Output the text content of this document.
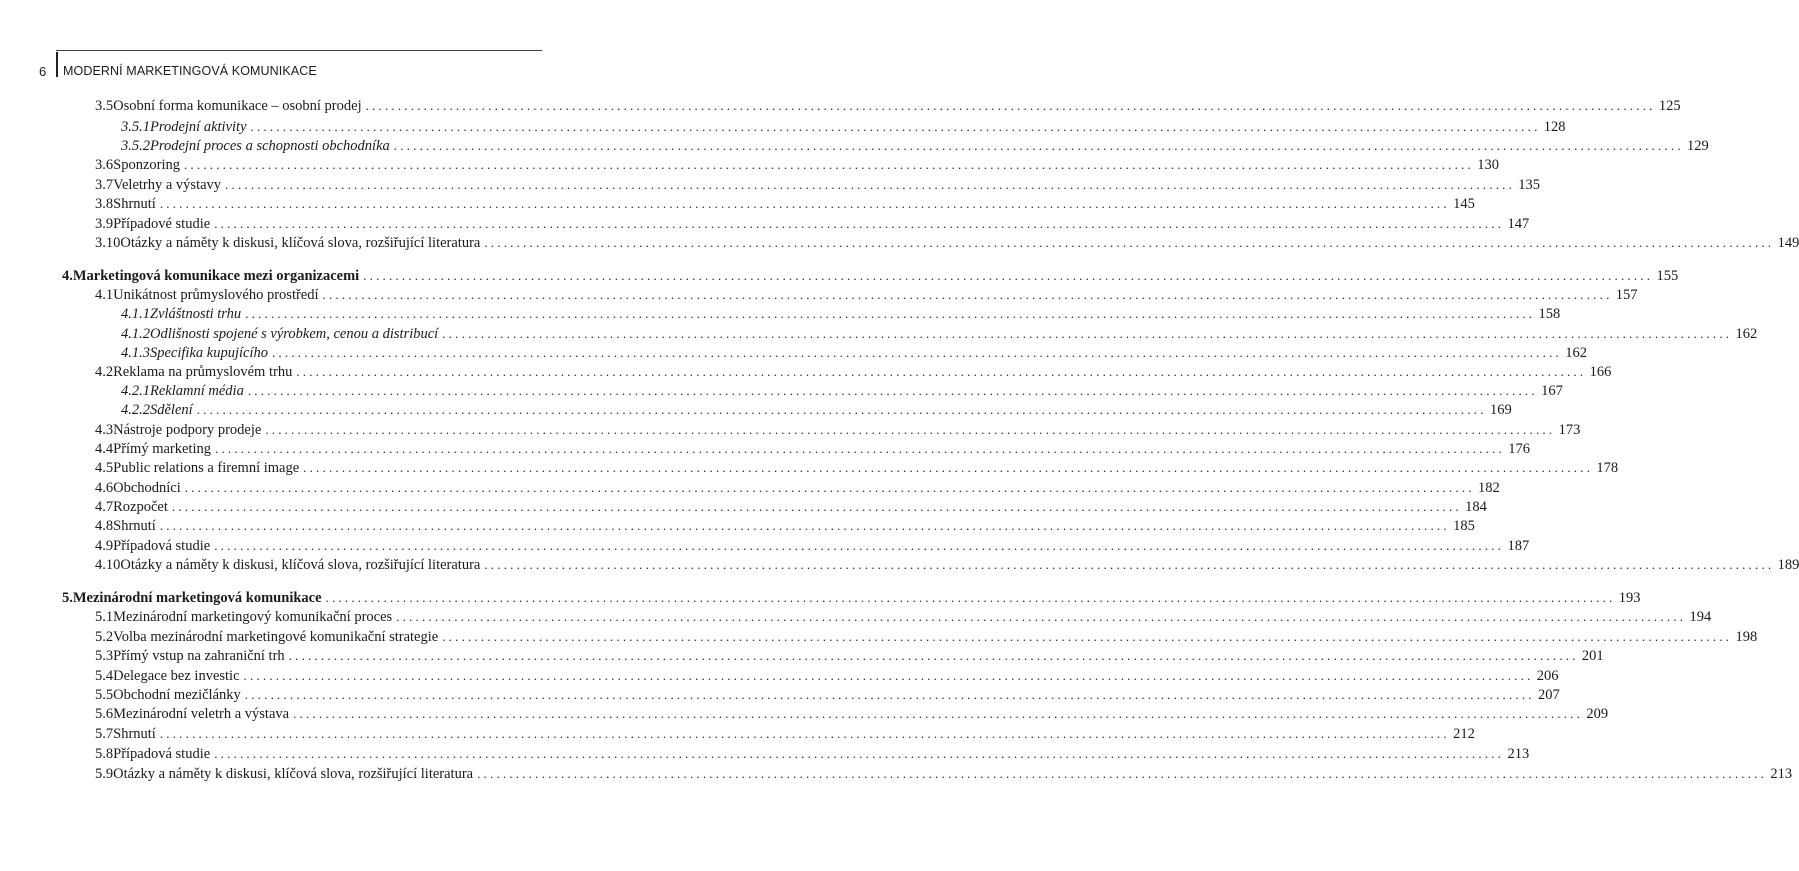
6 MODERNÍ MARKETINGOVÁ KOMUNIKACE
3.5 Osobní forma komunikace – osobní prodej ........................................................................................................................................................................................................ 125
3.5.1 Prodejní aktivity ........................................................................................................................................................................................................ 128
3.5.2 Prodejní proces a schopnosti obchodníka ........................................................................................................................................................................................................ 129
3.6 Sponzoring ........................................................................................................................................................................................................ 130
3.7 Veletrhy a výstavy ........................................................................................................................................................................................................ 135
3.8 Shrnutí ........................................................................................................................................................................................................ 145
3.9 Případové studie ........................................................................................................................................................................................................ 147
3.10 Otázky a náměty k diskusi, klíčová slova, rozšiřující literatura ........................................................................................................................................................................................................ 149
4. Marketingová komunikace mezi organizacemi ........................................................................................................................................................................................................ 155
4.1 Unikátnost průmyslového prostředí ........................................................................................................................................................................................................ 157
4.1.1 Zvláštnosti trhu ........................................................................................................................................................................................................ 158
4.1.2 Odlišnosti spojené s výrobkem, cenou a distribucí ........................................................................................................................................................................................................ 162
4.1.3 Specifika kupujícího ........................................................................................................................................................................................................ 162
4.2 Reklama na průmyslovém trhu ........................................................................................................................................................................................................ 166
4.2.1 Reklamní média ........................................................................................................................................................................................................ 167
4.2.2 Sdělení ........................................................................................................................................................................................................ 169
4.3 Nástroje podpory prodeje ........................................................................................................................................................................................................ 173
4.4 Přímý marketing ........................................................................................................................................................................................................ 176
4.5 Public relations a firemní image ........................................................................................................................................................................................................ 178
4.6 Obchodníci ........................................................................................................................................................................................................ 182
4.7 Rozpočet ........................................................................................................................................................................................................ 184
4.8 Shrnutí ........................................................................................................................................................................................................ 185
4.9 Případová studie ........................................................................................................................................................................................................ 187
4.10 Otázky a náměty k diskusi, klíčová slova, rozšiřující literatura ........................................................................................................................................................................................................ 189
5. Mezinárodní marketingová komunikace ........................................................................................................................................................................................................ 193
5.1 Mezinárodní marketingový komunikační proces ........................................................................................................................................................................................................ 194
5.2 Volba mezinárodní marketingové komunikační strategie ........................................................................................................................................................................................................ 198
5.3 Přímý vstup na zahraniční trh ........................................................................................................................................................................................................ 201
5.4 Delegace bez investic ........................................................................................................................................................................................................ 206
5.5 Obchodní mezičlánky ........................................................................................................................................................................................................ 207
5.6 Mezinárodní veletrh a výstava ........................................................................................................................................................................................................ 209
5.7 Shrnutí ........................................................................................................................................................................................................ 212
5.8 Případová studie ........................................................................................................................................................................................................ 213
5.9 Otázky a náměty k diskusi, klíčová slova, rozšiřující literatura ........................................................................................................................................................................................................ 213
